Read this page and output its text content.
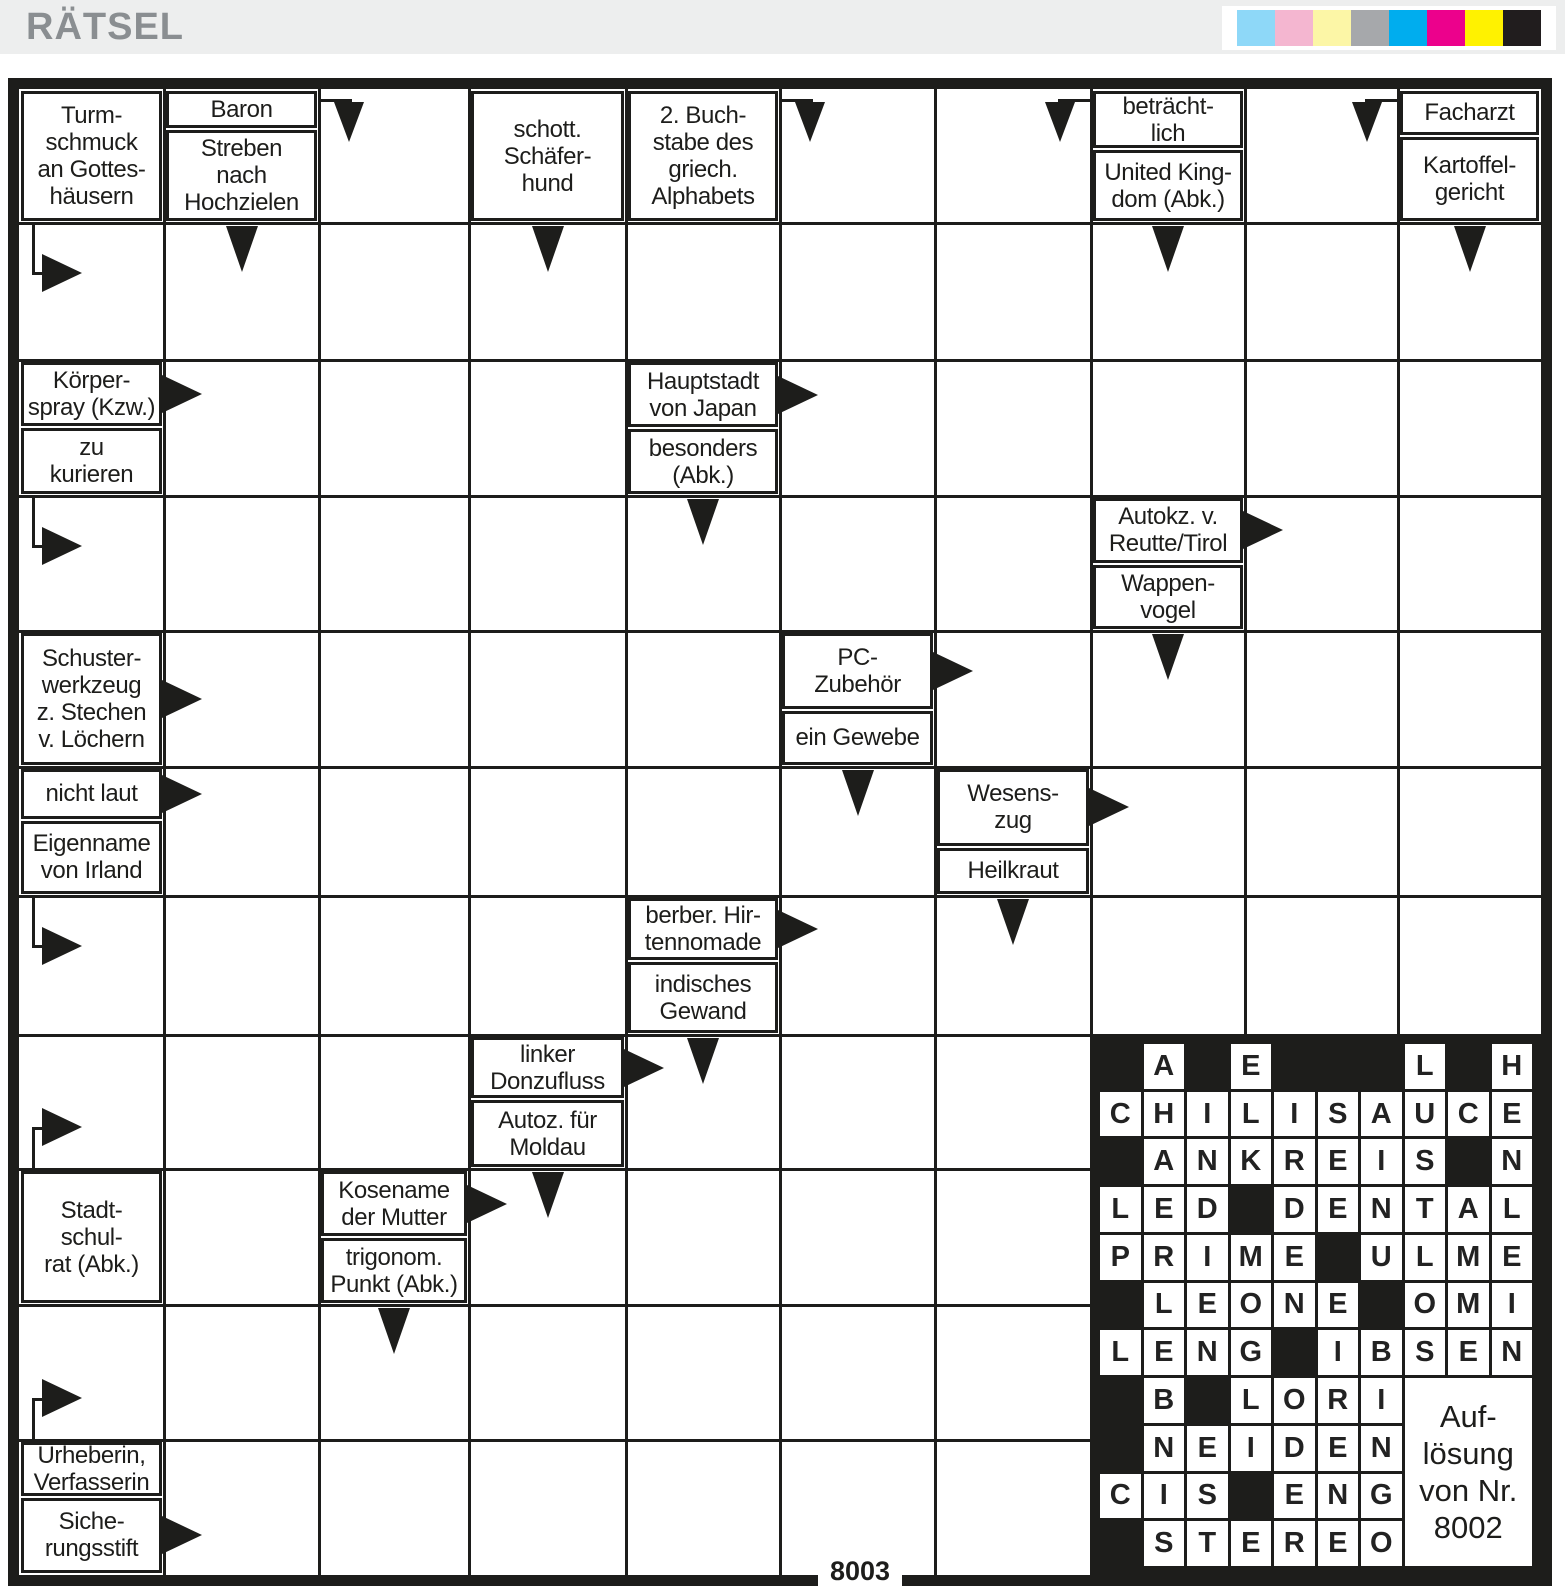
RÄTSEL
Turm-
schmuck
an Gottes-
häusern
Baron
Streben
nach
Hochzielen
schott.
Schäfer-
hund
2. Buch-
stabe des
griech.
Alphabets
beträcht-
lich
United King-
dom (Abk.)
Facharzt
Kartoffel-
gericht
Körper-
spray (Kzw.)
zu
kurieren
Hauptstadt
von Japan
besonders
(Abk.)
Autokz. v.
Reutte/Tirol
Wappen-
vogel
Schuster-
werkzeug
z. Stechen
v. Löchern
PC-
Zubehör
ein Gewebe
nicht laut
Eigenname
von Irland
Wesens-
zug
Heilkraut
berber. Hir-
tennomade
indisches
Gewand
linker
Donzufluss
Autoz. für
Moldau
Stadt-
schul-
rat (Abk.)
Kosename
der Mutter
trigonom.
Punkt (Abk.)
Urheberin,
Verfasserin
Siche-
rungsstift
A E	L H
C H I L I S A U C E
A N K R E I S N
L E D D E N T A L
P R I M E U L M E
L E O N E O M I
L E N G I B S E N
B L O R I
N E I D E N
C I S E N G
S T E R E O
Auf-
lösung
von Nr.
8002
8003
